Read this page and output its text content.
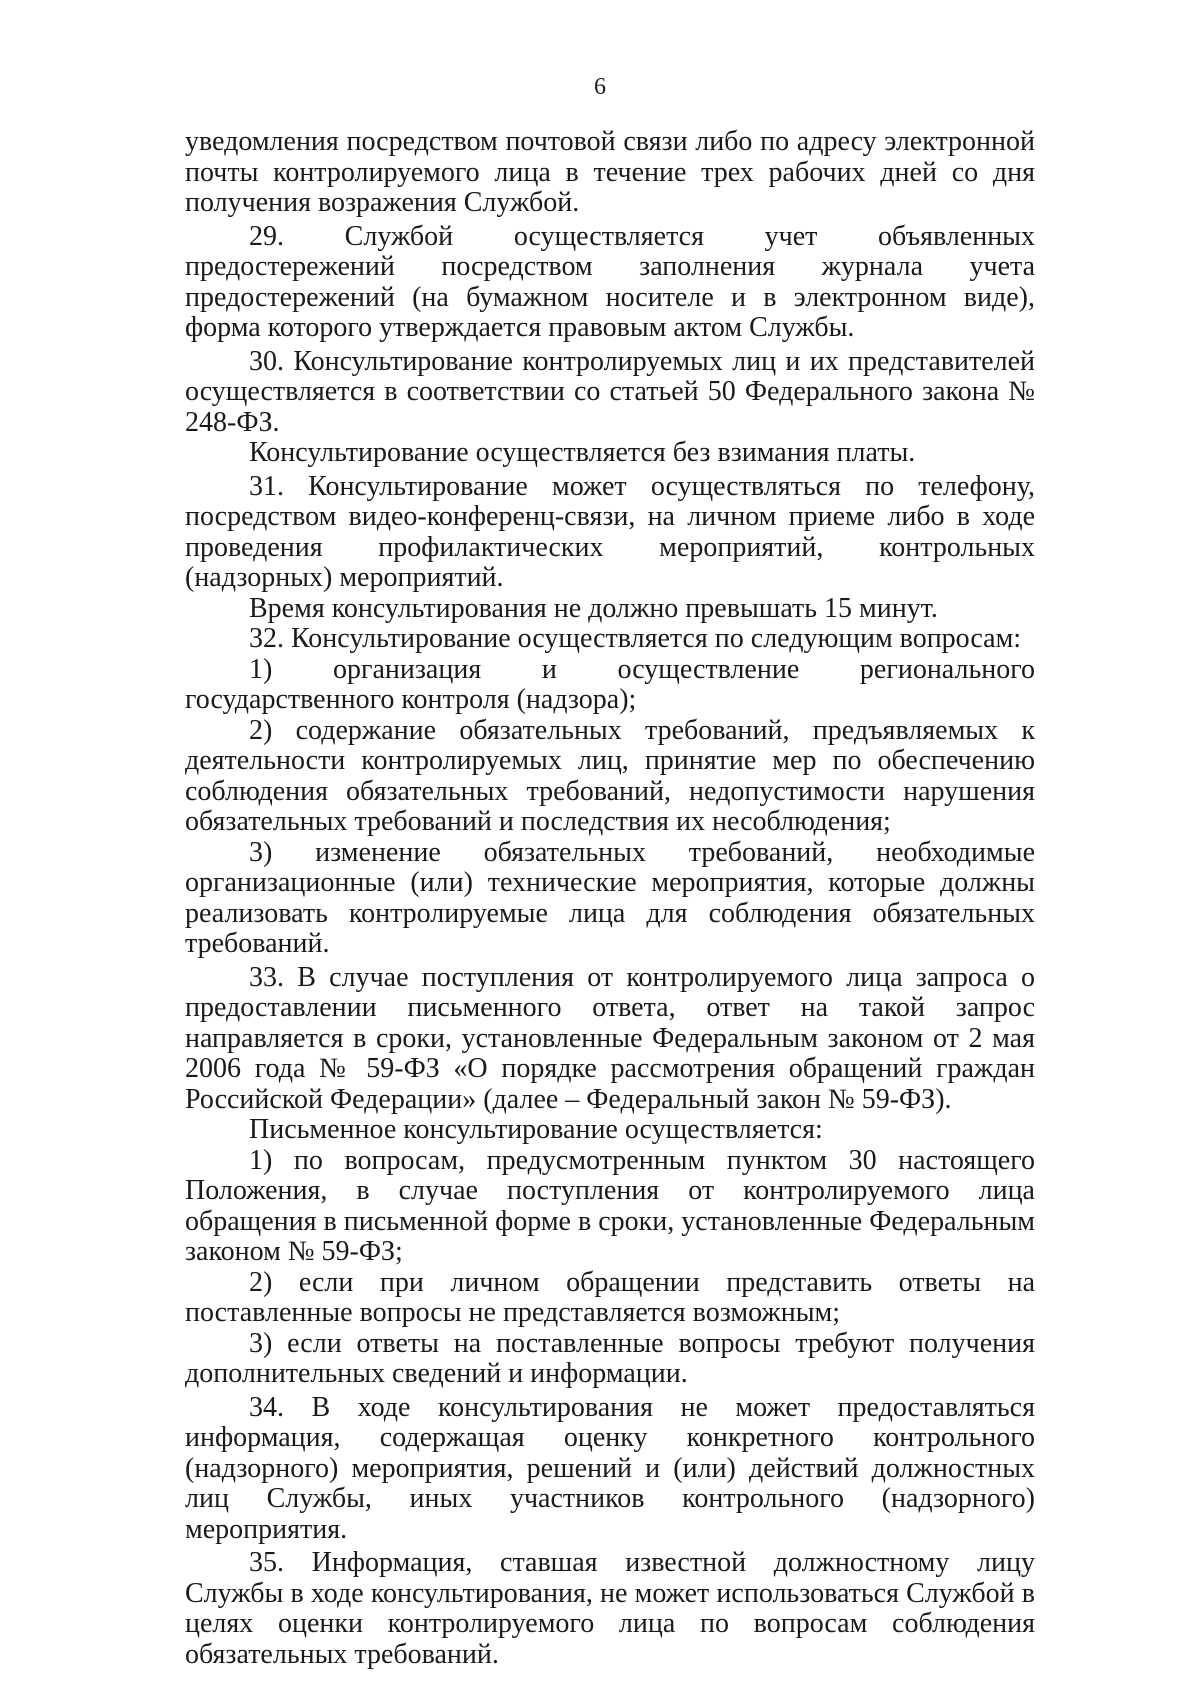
6

уведомления посредством почтовой связи либо по адресу электронной почты контролируемого лица в течение трех рабочих дней со дня получения возражения Службой.

29. Службой осуществляется учет объявленных предостережений посредством заполнения журнала учета предостережений (на бумажном носителе и в электронном виде), форма которого утверждается правовым актом Службы.

30. Консультирование контролируемых лиц и их представителей осуществляется в соответствии со статьей 50 Федерального закона № 248-ФЗ.

Консультирование осуществляется без взимания платы.

31. Консультирование может осуществляться по телефону, посредством видео-конференц-связи, на личном приеме либо в ходе проведения профилактических мероприятий, контрольных (надзорных) мероприятий.

Время консультирования не должно превышать 15 минут.

32. Консультирование осуществляется по следующим вопросам:

1) организация и осуществление регионального государственного контроля (надзора);

2) содержание обязательных требований, предъявляемых к деятельности контролируемых лиц, принятие мер по обеспечению соблюдения обязательных требований, недопустимости нарушения обязательных требований и последствия их несоблюдения;

3) изменение обязательных требований, необходимые организационные (или) технические мероприятия, которые должны реализовать контролируемые лица для соблюдения обязательных требований.

33. В случае поступления от контролируемого лица запроса о предоставлении письменного ответа, ответ на такой запрос направляется в сроки, установленные Федеральным законом от 2 мая 2006 года № 59-ФЗ «О порядке рассмотрения обращений граждан Российской Федерации» (далее – Федеральный закон № 59-ФЗ).

Письменное консультирование осуществляется:

1) по вопросам, предусмотренным пунктом 30 настоящего Положения, в случае поступления от контролируемого лица обращения в письменной форме в сроки, установленные Федеральным законом № 59-ФЗ;

2) если при личном обращении представить ответы на поставленные вопросы не представляется возможным;

3) если ответы на поставленные вопросы требуют получения дополнительных сведений и информации.

34. В ходе консультирования не может предоставляться информация, содержащая оценку конкретного контрольного (надзорного) мероприятия, решений и (или) действий должностных лиц Службы, иных участников контрольного (надзорного) мероприятия.

35. Информация, ставшая известной должностному лицу Службы в ходе консультирования, не может использоваться Службой в целях оценки контролируемого лица по вопросам соблюдения обязательных требований.
